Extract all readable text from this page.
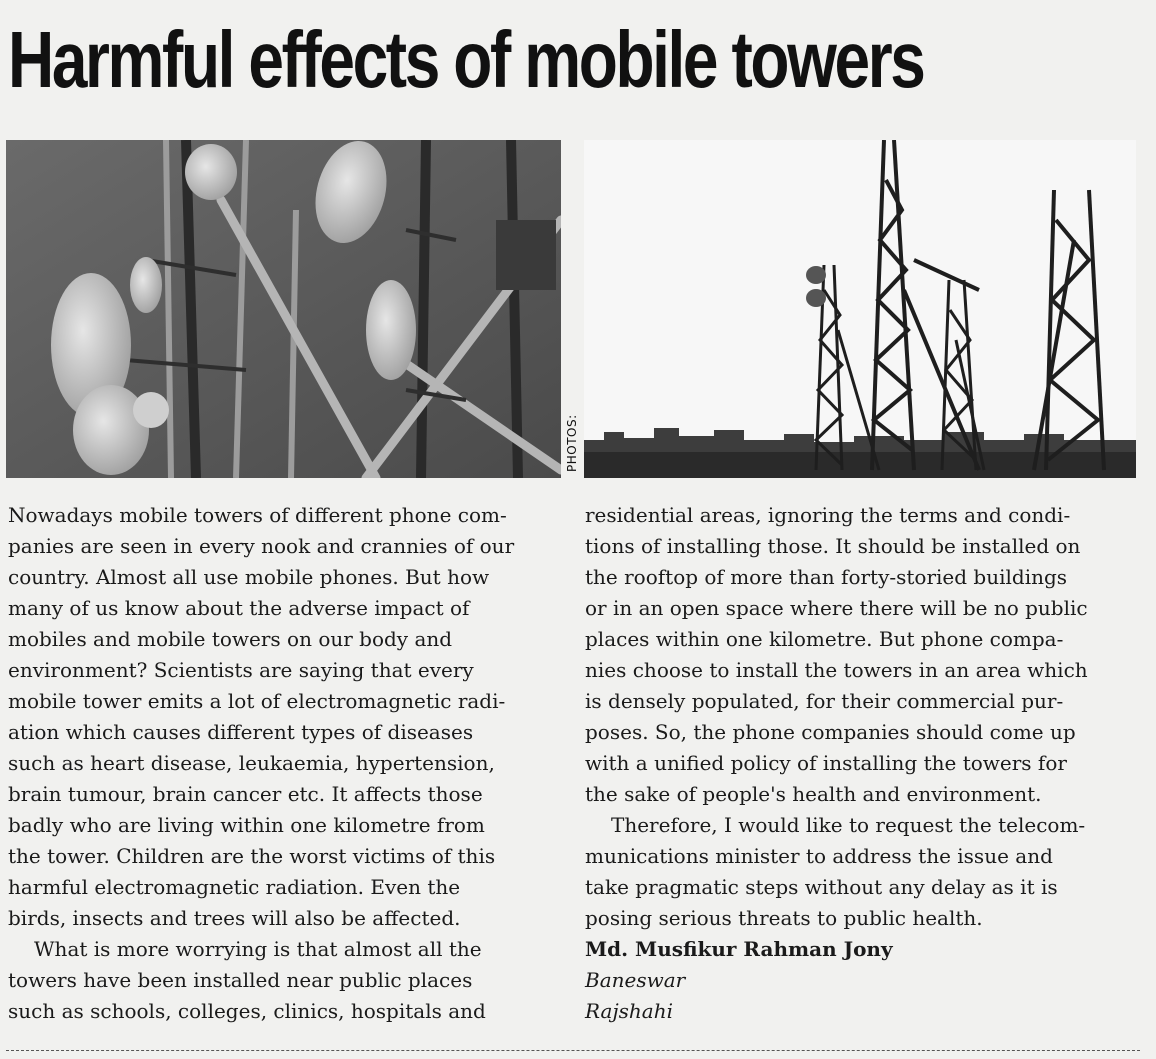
Harmful effects of mobile towers
PHOTOS:
Nowadays mobile towers of different phone com-
panies are seen in every nook and crannies of our
country. Almost all use mobile phones. But how
many of us know about the adverse impact of
mobiles and mobile towers on our body and
environment? Scientists are saying that every
mobile tower emits a lot of electromagnetic radi-
ation which causes different types of diseases
such as heart disease, leukaemia, hypertension,
brain tumour, brain cancer etc. It affects those
badly who are living within one kilometre from
the tower. Children are the worst victims of this
harmful electromagnetic radiation. Even the
birds, insects and trees will also be affected.
What is more worrying is that almost all the
towers have been installed near public places
such as schools, colleges, clinics, hospitals and
residential areas, ignoring the terms and condi-
tions of installing those. It should be installed on
the rooftop of more than forty-storied buildings
or in an open space where there will be no public
places within one kilometre. But phone compa-
nies choose to install the towers in an area which
is densely populated, for their commercial pur-
poses. So, the phone companies should come up
with a unified policy of installing the towers for
the sake of people's health and environment.
Therefore, I would like to request the telecom-
munications minister to address the issue and
take pragmatic steps without any delay as it is
posing serious threats to public health.
Md. Musfikur Rahman Jony
Baneswar
Rajshahi
